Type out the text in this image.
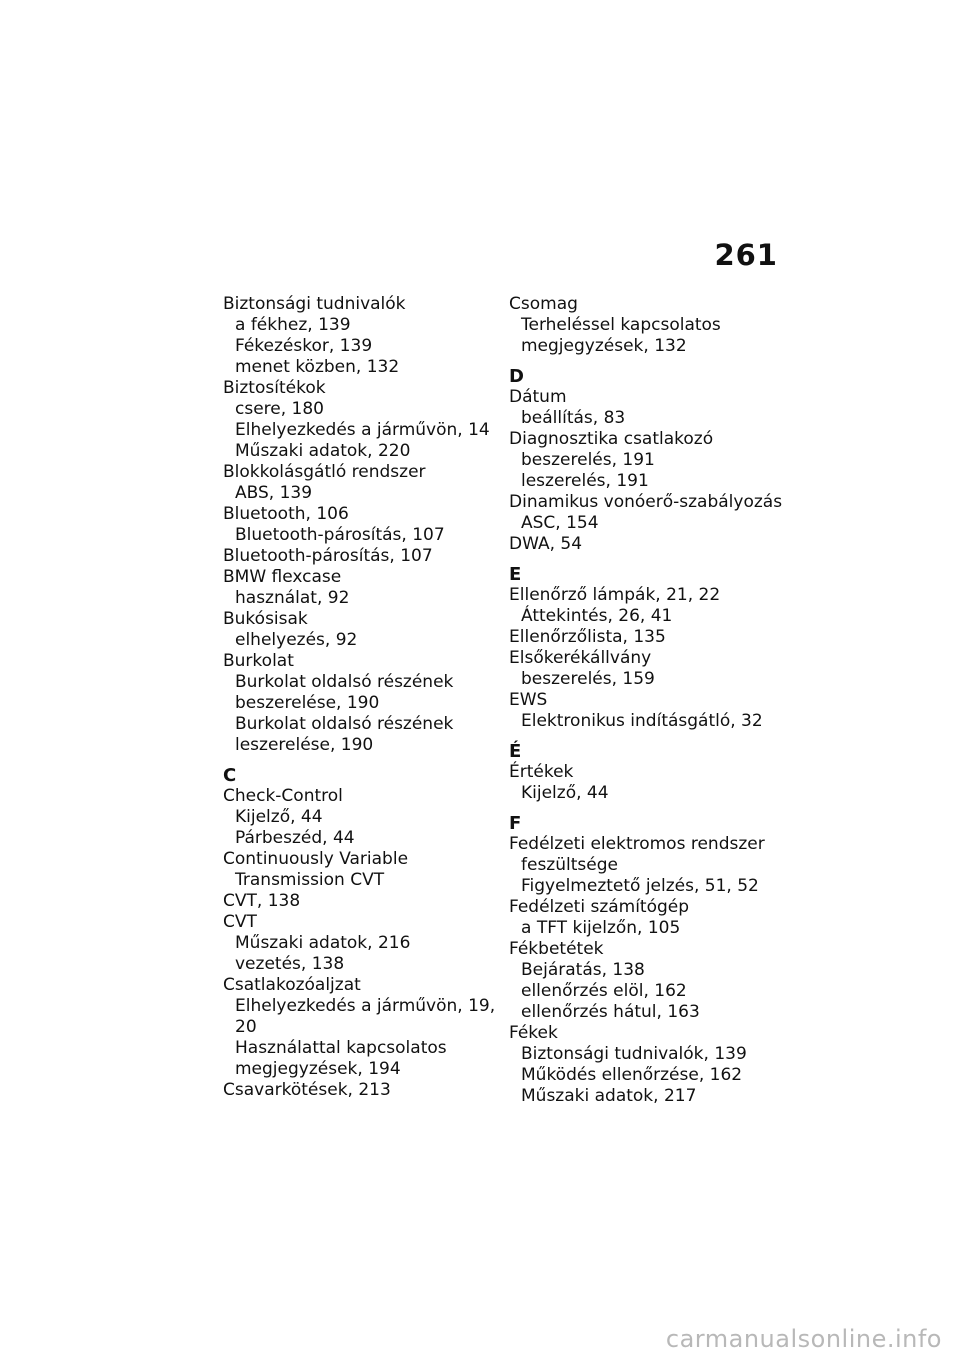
261
Biztonsági tudnivalók
a fékhez, 139
Fékezéskor, 139
menet közben, 132
Biztosítékok
csere, 180
Elhelyezkedés a járművön, 14
Műszaki adatok, 220
Blokkolásgátló rendszer
ABS, 139
Bluetooth, 106
Bluetooth-párosítás, 107
Bluetooth-párosítás, 107
BMW flexcase
használat, 92
Bukósisak
elhelyezés, 92
Burkolat
Burkolat oldalsó részének
beszerelése, 190
Burkolat oldalsó részének
leszerelése, 190
C
Check-Control
Kijelző, 44
Párbeszéd, 44
Continuously Variable
Transmission CVT
CVT, 138
CVT
Műszaki adatok, 216
vezetés, 138
Csatlakozóaljzat
Elhelyezkedés a járművön, 19,
20
Használattal kapcsolatos
megjegyzések, 194
Csavarkötések, 213
Csomag
Terheléssel kapcsolatos
megjegyzések, 132
D
Dátum
beállítás, 83
Diagnosztika csatlakozó
beszerelés, 191
leszerelés, 191
Dinamikus vonóerő-szabályozás
ASC, 154
DWA, 54
E
Ellenőrző lámpák, 21, 22
Áttekintés, 26, 41
Ellenőrzőlista, 135
Elsőkerékállvány
beszerelés, 159
EWS
Elektronikus indításgátló, 32
É
Értékek
Kijelző, 44
F
Fedélzeti elektromos rendszer
feszültsége
Figyelmeztető jelzés, 51, 52
Fedélzeti számítógép
a TFT kijelzőn, 105
Fékbetétek
Bejáratás, 138
ellenőrzés elöl, 162
ellenőrzés hátul, 163
Fékek
Biztonsági tudnivalók, 139
Működés ellenőrzése, 162
Műszaki adatok, 217
carmanualsonline.info
